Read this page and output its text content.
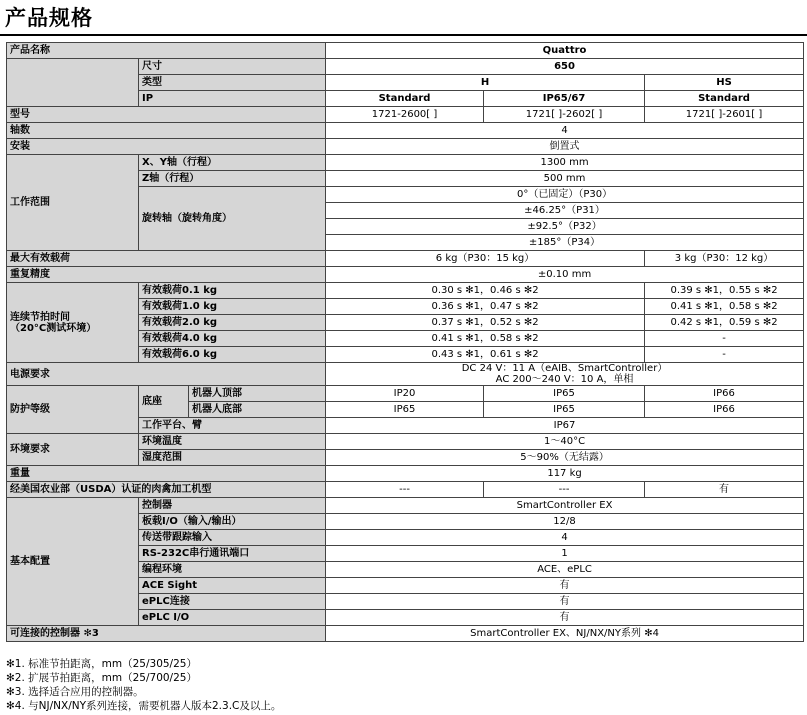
产品规格
产品名称			Quattro		
	尺寸		650		
	类型		H		HS
	IP		Standard	IP65/67	Standard
型号			1721-2600[ ]	1721[ ]-2602[ ]	1721[ ]-2601[ ]
轴数			4		
安装			倒置式		
工作范围	X、Y轴（行程）		1300 mm		
	Z轴（行程）		500 mm		
	旋转轴（旋转角度）		0°（已固定）（P30）		
			±46.25°（P31）		
			±92.5°（P32）		
			±185°（P34）		
最大有效载荷			6 kg（P30：15 kg）		3 kg（P30：12 kg）
重复精度			±0.10 mm		

连续节拍时间
（20°C测试环境）	有效载荷0.1 kg		0.30 s ✻1，0.46 s ✻2		0.39 s ✻1，0.55 s ✻2
	有效载荷1.0 kg		0.36 s ✻1，0.47 s ✻2		0.41 s ✻1，0.58 s ✻2
	有效载荷2.0 kg		0.37 s ✻1，0.52 s ✻2		0.42 s ✻1，0.59 s ✻2
	有效载荷4.0 kg		0.41 s ✻1，0.58 s ✻2		-
	有效载荷6.0 kg		0.43 s ✻1，0.61 s ✻2		-
电源要求			DC 24 V：11 A（eAIB、SmartController）
AC 200～240 V：10 A，单相		

防护等级	底座	机器人顶部	IP20	IP65	IP66
		机器人底部	IP65	IP65	IP66
	工作平台、臂		IP67		
环境要求	环境温度		1～40°C		
	湿度范围		5～90%（无结露）		
重量			117 kg		
经美国农业部（USDA）认证的肉禽加工机型			---	---	有
基本配置	控制器		SmartController EX		
	板载I/O（输入/输出）		12/8		
	传送带跟踪输入		4		
	RS-232C串行通讯端口		1		
	编程环境		ACE、ePLC		
	ACE Sight		有		
	ePLC连接		有		
	ePLC I/O		有		
可连接的控制器 ✻3			SmartController EX、NJ/NX/NY系列 ✻4		
✻1. 标准节拍距离，mm（25/305/25）
✻2. 扩展节拍距离，mm（25/700/25）
✻3. 选择适合应用的控制器。
✻4. 与NJ/NX/NY系列连接，需要机器人版本2.3.C及以上。
